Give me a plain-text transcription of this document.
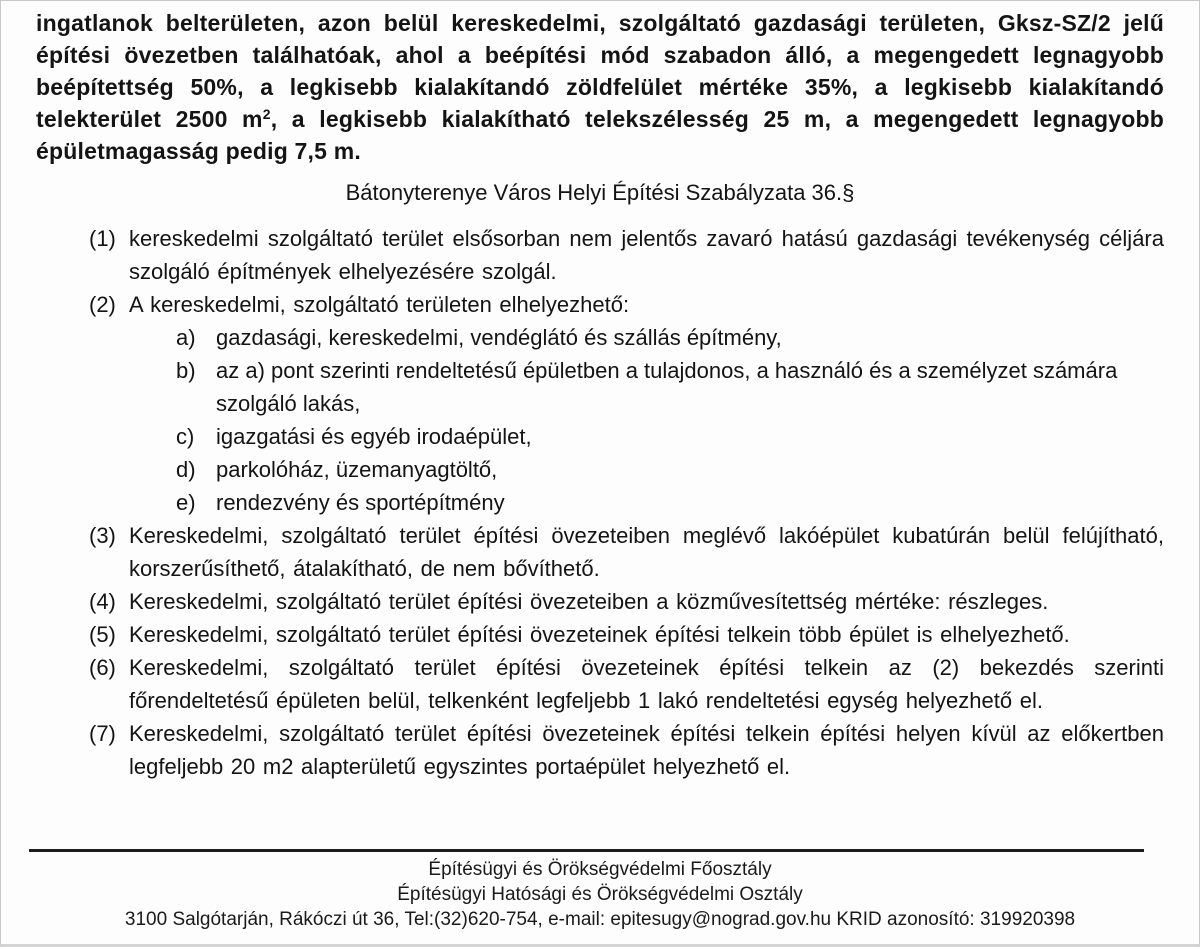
ingatlanok belterületen, azon belül kereskedelmi, szolgáltató gazdasági területen, Gksz-SZ/2 jelű építési övezetben találhatóak, ahol a beépítési mód szabadon álló, a megengedett legnagyobb beépítettség 50%, a legkisebb kialakítandó zöldfelület mértéke 35%, a legkisebb kialakítandó telekterület 2500 $m^2$, a legkisebb kialakítható telekszélesség 25 m, a megengedett legnagyobb épületmagasság pedig 7,5 m.

Bátonyterenye Város Helyi Építési Szabályzata 36.§
(1) kereskedelmi szolgáltató terület elsősorban nem jelentős zavaró hatású gazdasági tevékenység céljára szolgáló építmények elhelyezésére szolgál.
(2) A kereskedelmi, szolgáltató területen elhelyezhető:
a) gazdasági, kereskedelmi, vendéglátó és szállás építmény,
b) az a) pont szerinti rendeltetésű épületben a tulajdonos, a használó és a személyzet számára szolgáló lakás,
c) igazgatási és egyéb irodaépület,
d) parkolóház, üzemanyagtöltő,
e) rendezvény és sportépítmény
(3) Kereskedelmi, szolgáltató terület építési övezeteiben meglévő lakóépület kubatúrán belül felújítható, korszerűsíthető, átalakítható, de nem bővíthető.
(4) Kereskedelmi, szolgáltató terület építési övezeteiben a közművesítettség mértéke: részleges.
(5) Kereskedelmi, szolgáltató terület építési övezeteinek építési telkein több épület is elhelyezhető.
(6) Kereskedelmi, szolgáltató terület építési övezeteinek építési telkein az (2) bekezdés szerinti főrendeltetésű épületen belül, telkenként legfeljebb 1 lakó rendeltetési egység helyezhető el.
(7) Kereskedelmi, szolgáltató terület építési övezeteinek építési telkein építési helyen kívül az előkertben legfeljebb 20 m2 alapterületű egyszintes portaépület helyezhető el.
Építésügyi és Örökségvédelmi Főosztály
Építésügyi Hatósági és Örökségvédelmi Osztály
3100 Salgótarján, Rákóczi út 36, Tel:(32)620-754, e-mail: epitesugy@nograd.gov.hu KRID azonosító: 319920398
